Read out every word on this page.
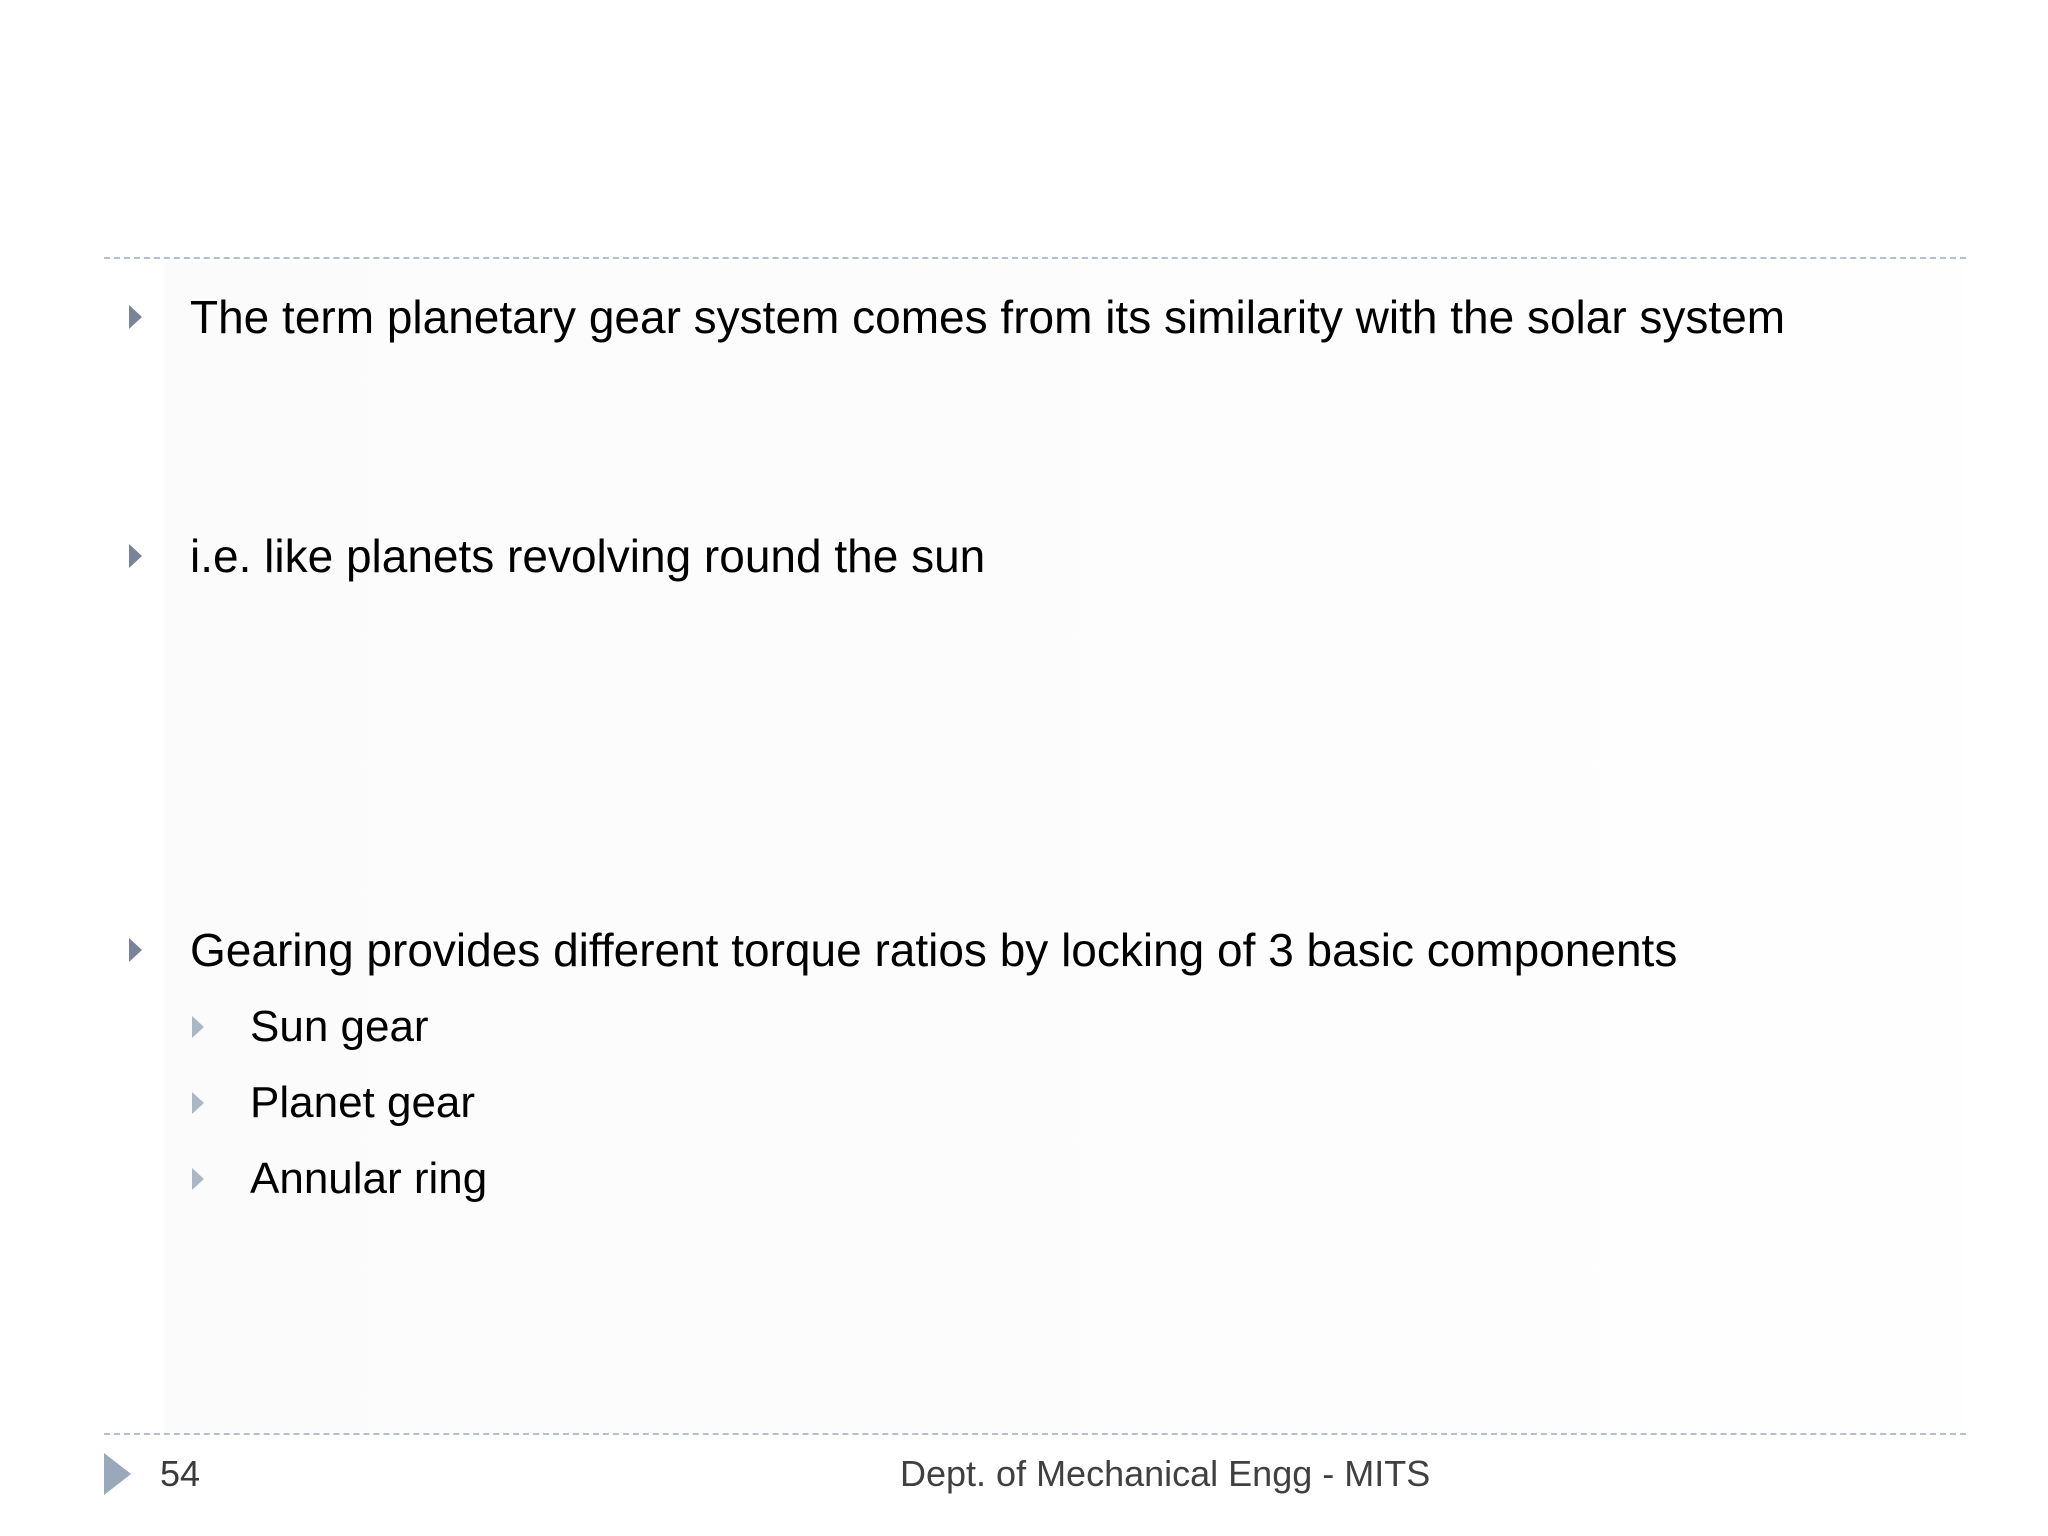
The term planetary gear system comes from its similarity with the solar system
i.e. like planets revolving round the sun
Gearing provides different torque ratios by locking of 3 basic components
Sun gear
Planet gear
Annular ring
54	Dept. of Mechanical Engg - MITS
